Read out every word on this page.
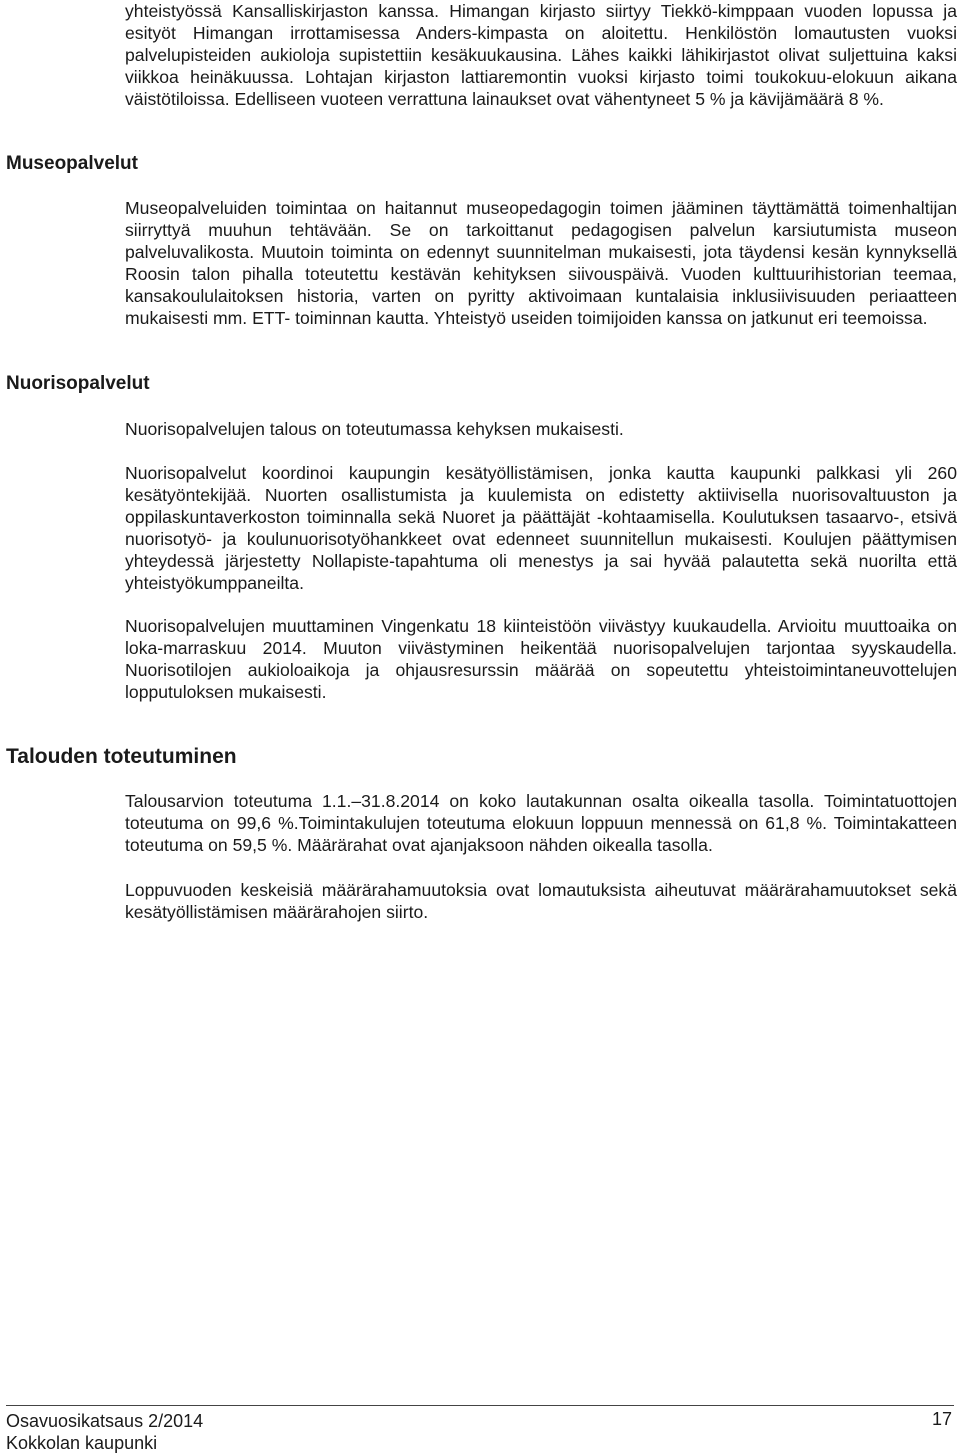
yhteistyössä Kansalliskirjaston kanssa. Himangan kirjasto siirtyy Tiekkö-kimppaan vuoden lopussa ja esityöt Himangan irrottamisessa Anders-kimpasta on aloitettu. Henkilöstön lomautusten vuoksi palvelupisteiden aukioloja supistettiin kesäkuukausina. Lähes kaikki lähikirjastot olivat suljettuina kaksi viikkoa heinäkuussa. Lohtajan kirjaston lattiaremontin vuoksi kirjasto toimi toukokuu-elokuun aikana väistötiloissa. Edelliseen vuoteen verrattuna lainaukset ovat vähentyneet 5 % ja kävijämäärä 8 %.

Museopalvelut

Museopalveluiden toimintaa on haitannut museopedagogin toimen jääminen täyttämättä toimenhaltijan siirryttyä muuhun tehtävään. Se on tarkoittanut pedagogisen palvelun karsiutumista museon palveluvalikosta. Muutoin toiminta on edennyt suunnitelman mukaisesti, jota täydensi kesän kynnyksellä Roosin talon pihalla toteutettu kestävän kehityksen siivouspäivä. Vuoden kulttuurihistorian teemaa, kansakoululaitoksen historia, varten on pyritty aktivoimaan kuntalaisia inklusiivisuuden periaatteen mukaisesti mm. ETT- toiminnan kautta. Yhteistyö useiden toimijoiden kanssa on jatkunut eri teemoissa.

Nuorisopalvelut

Nuorisopalvelujen talous on toteutumassa kehyksen mukaisesti.

Nuorisopalvelut koordinoi kaupungin kesätyöllistämisen, jonka kautta kaupunki palkkasi yli 260 kesätyöntekijää. Nuorten osallistumista ja kuulemista on edistetty aktiivisella nuorisovaltuuston ja oppilaskuntaverkoston toiminnalla sekä Nuoret ja päättäjät -kohtaamisella. Koulutuksen tasaarvo-, etsivä nuorisotyö- ja koulunuorisotyöhankkeet ovat edenneet suunnitellun mukaisesti. Koulujen päättymisen yhteydessä järjestetty Nollapiste-tapahtuma oli menestys ja sai hyvää palautetta sekä nuorilta että yhteistyökumppaneilta.

Nuorisopalvelujen muuttaminen Vingenkatu 18 kiinteistöön viivästyy kuukaudella. Arvioitu muuttoaika on loka-marraskuu 2014. Muuton viivästyminen heikentää nuorisopalvelujen tarjontaa syyskaudella. Nuorisotilojen aukioloaikoja ja ohjausresurssin määrää on sopeutettu yhteistoimintaneuvottelujen lopputuloksen mukaisesti.

Talouden toteutuminen

Talousarvion toteutuma 1.1.–31.8.2014 on koko lautakunnan osalta oikealla tasolla. Toimintatuottojen toteutuma on 99,6 %.Toimintakulujen toteutuma elokuun loppuun mennessä on 61,8 %. Toimintakatteen toteutuma on 59,5 %. Määrärahat ovat ajanjaksoon nähden oikealla tasolla.

Loppuvuoden keskeisiä määrärahamuutoksia ovat lomautuksista aiheutuvat määrärahamuutokset sekä kesätyöllistämisen määrärahojen siirto.

Osavuosikatsaus 2/2014
Kokkolan kaupunki
17
